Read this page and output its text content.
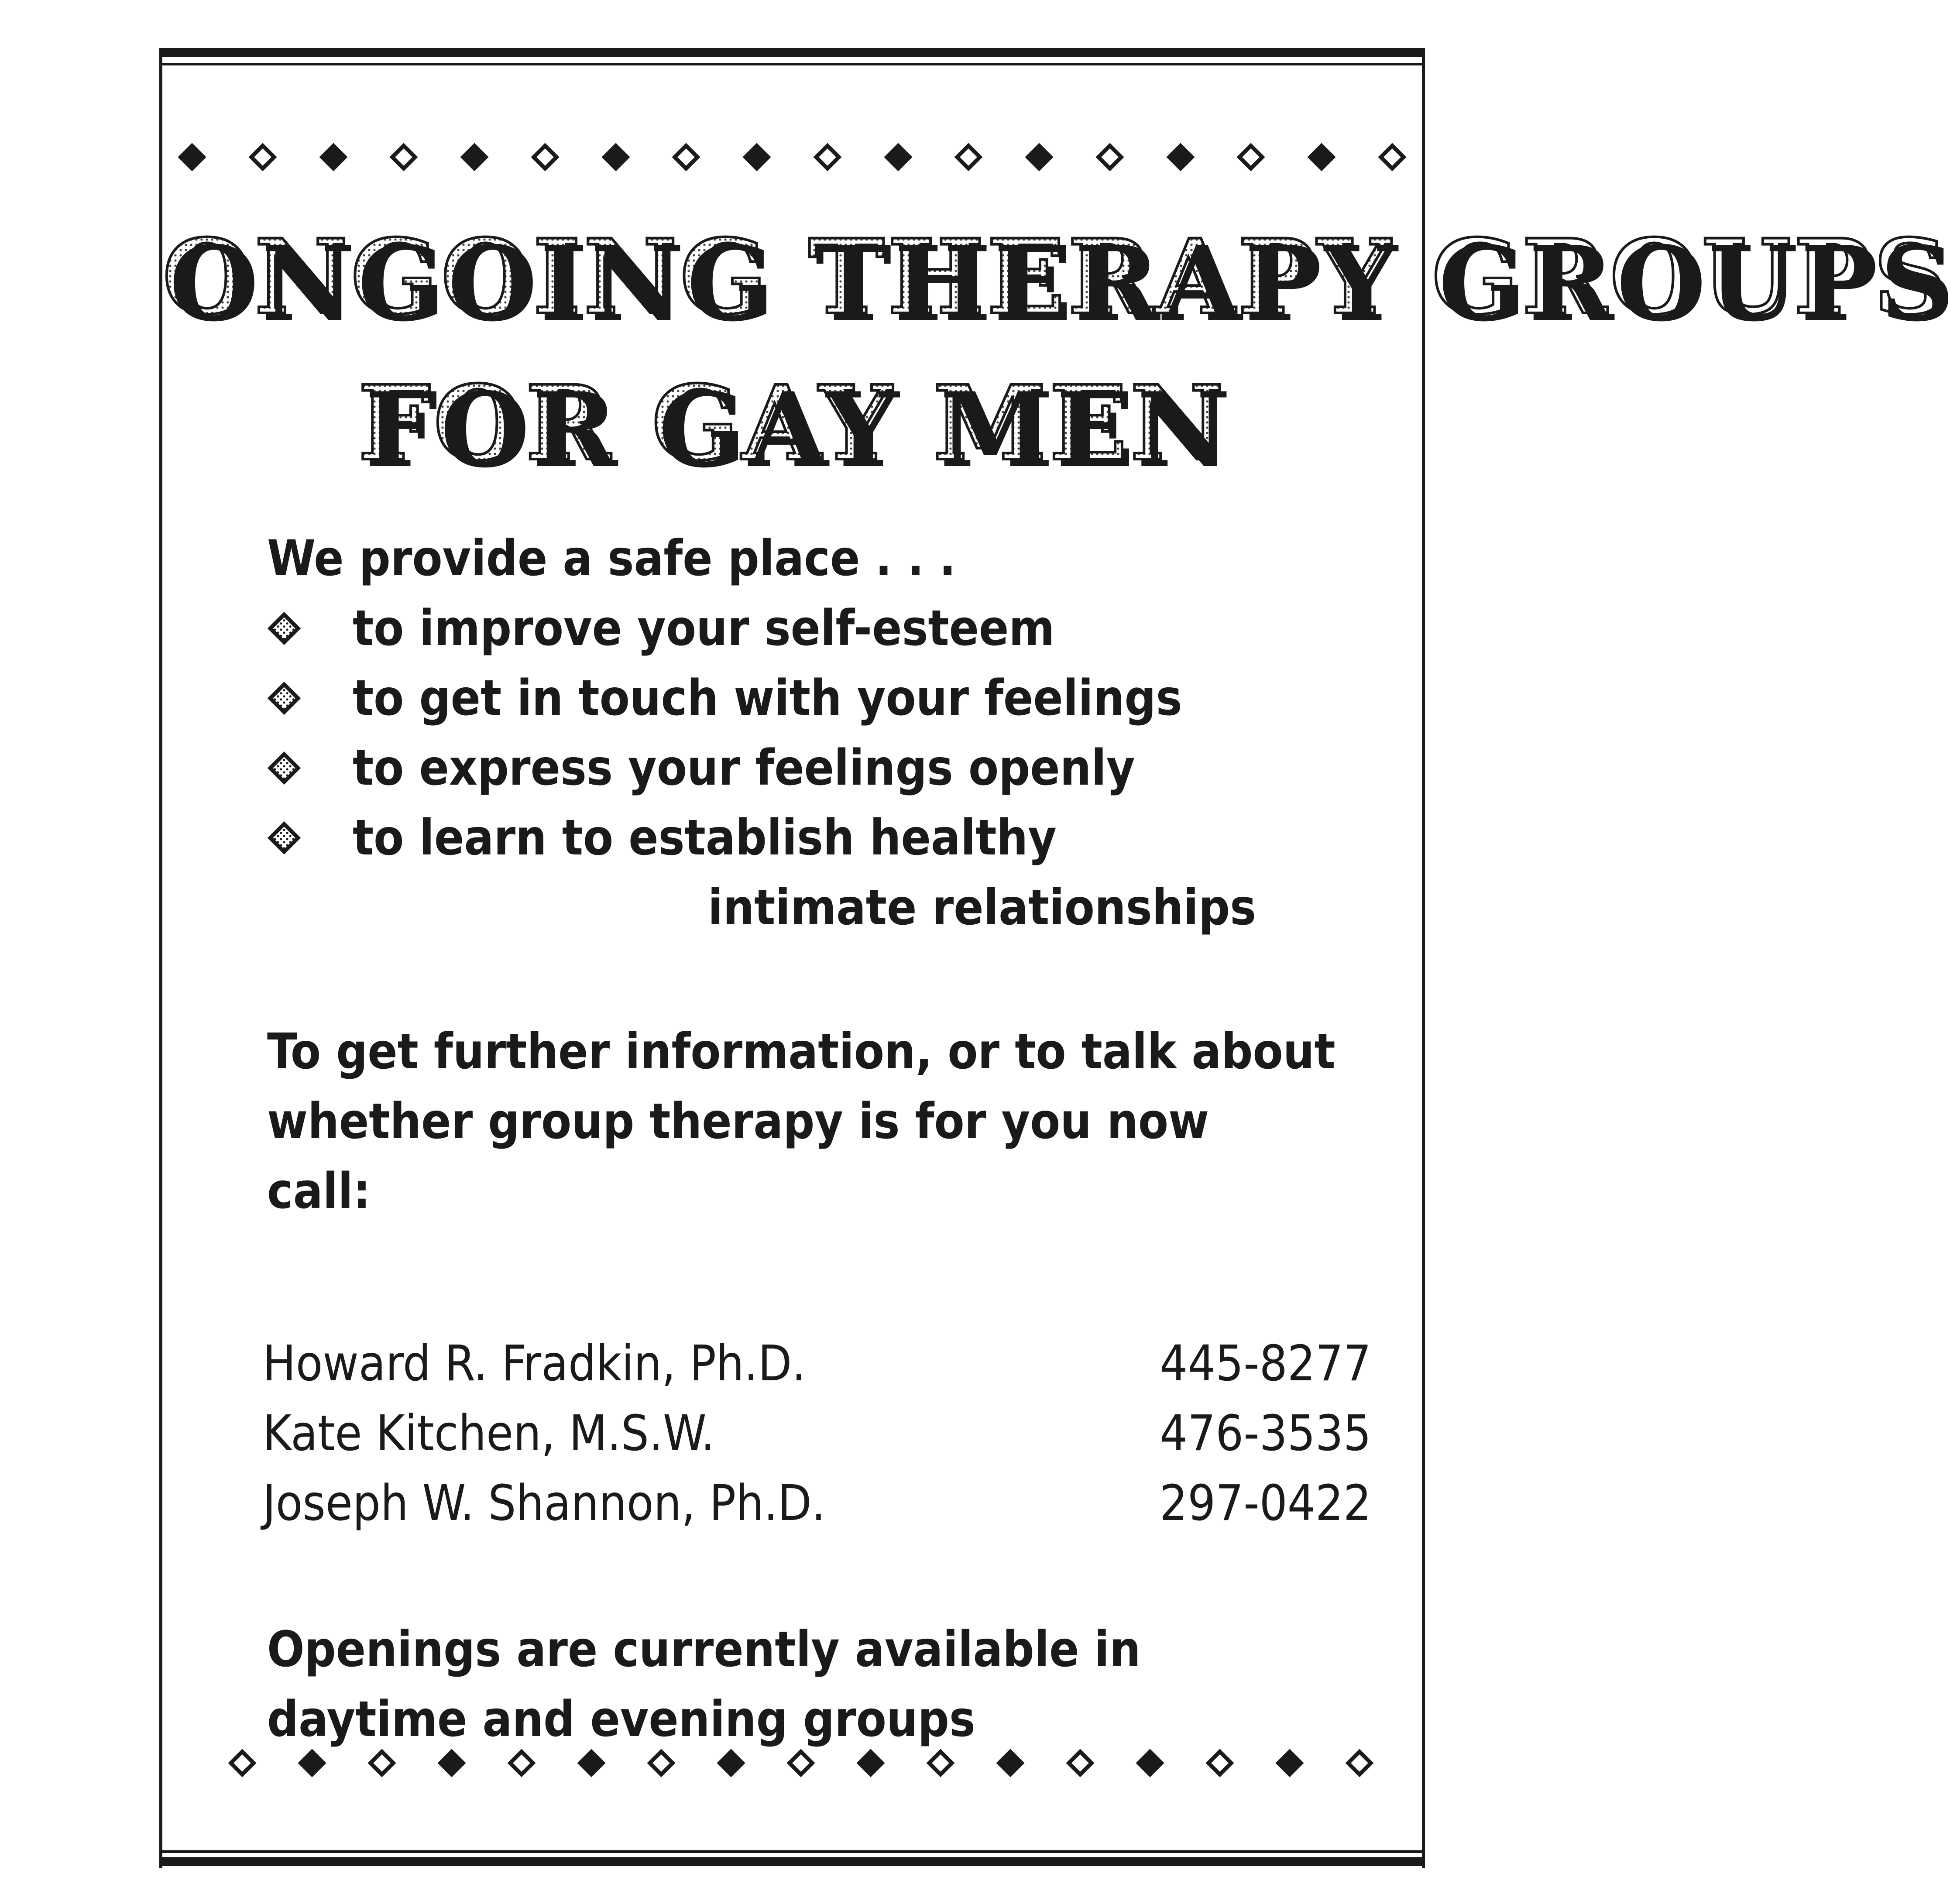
ONGOING THERAPY GROUPS
FOR GAY MEN
We provide a safe place . . .
to improve your self-esteem
to get in touch with your feelings
to express your feelings openly
to learn to establish healthy
intimate relationships
To get further information, or to talk about
whether group therapy is for you now
call:
Howard R. Fradkin, Ph.D.	445-8277
Kate Kitchen, M.S.W.	476-3535
Joseph W. Shannon, Ph.D.	297-0422
Openings are currently available in
daytime and evening groups
